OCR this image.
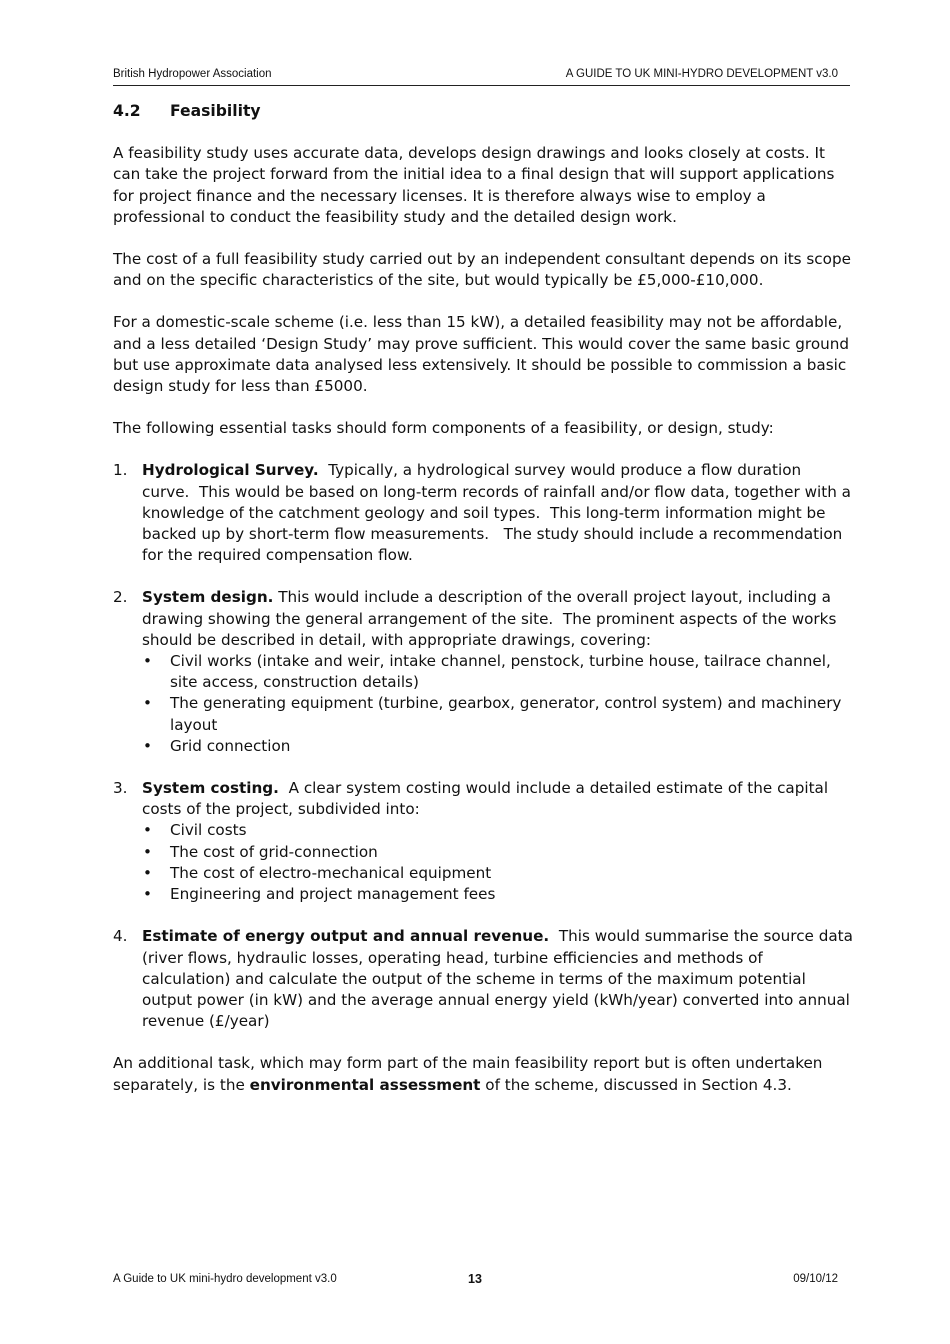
British Hydropower Association	A GUIDE TO UK MINI-HYDRO DEVELOPMENT v3.0
4.2 Feasibility

A feasibility study uses accurate data, develops design drawings and looks closely at costs. It can take the project forward from the initial idea to a final design that will support applications for project finance and the necessary licenses. It is therefore always wise to employ a professional to conduct the feasibility study and the detailed design work.

The cost of a full feasibility study carried out by an independent consultant depends on its scope and on the specific characteristics of the site, but would typically be £5,000-£10,000.

For a domestic-scale scheme (i.e. less than 15 kW), a detailed feasibility may not be affordable, and a less detailed ‘Design Study’ may prove sufficient. This would cover the same basic ground but use approximate data analysed less extensively. It should be possible to commission a basic design study for less than £5000.

The following essential tasks should form components of a feasibility, or design, study:

1. Hydrological Survey.  Typically, a hydrological survey would produce a flow duration curve.  This would be based on long-term records of rainfall and/or flow data, together with a knowledge of the catchment geology and soil types.  This long-term information might be backed up by short-term flow measurements.   The study should include a recommendation for the required compensation flow.
2. System design. This would include a description of the overall project layout, including a drawing showing the general arrangement of the site.  The prominent aspects of the works should be described in detail, with appropriate drawings, covering:
• Civil works (intake and weir, intake channel, penstock, turbine house, tailrace channel, site access, construction details)
• The generating equipment (turbine, gearbox, generator, control system) and machinery layout
• Grid connection
3. System costing.  A clear system costing would include a detailed estimate of the capital costs of the project, subdivided into:
• Civil costs
• The cost of grid-connection
• The cost of electro-mechanical equipment
• Engineering and project management fees
4. Estimate of energy output and annual revenue.  This would summarise the source data (river flows, hydraulic losses, operating head, turbine efficiencies and methods of calculation) and calculate the output of the scheme in terms of the maximum potential output power (in kW) and the average annual energy yield (kWh/year) converted into annual revenue (£/year)

An additional task, which may form part of the main feasibility report but is often undertaken separately, is the environmental assessment of the scheme, discussed in Section 4.3.

A Guide to UK mini-hydro development v3.0	13	09/10/12
